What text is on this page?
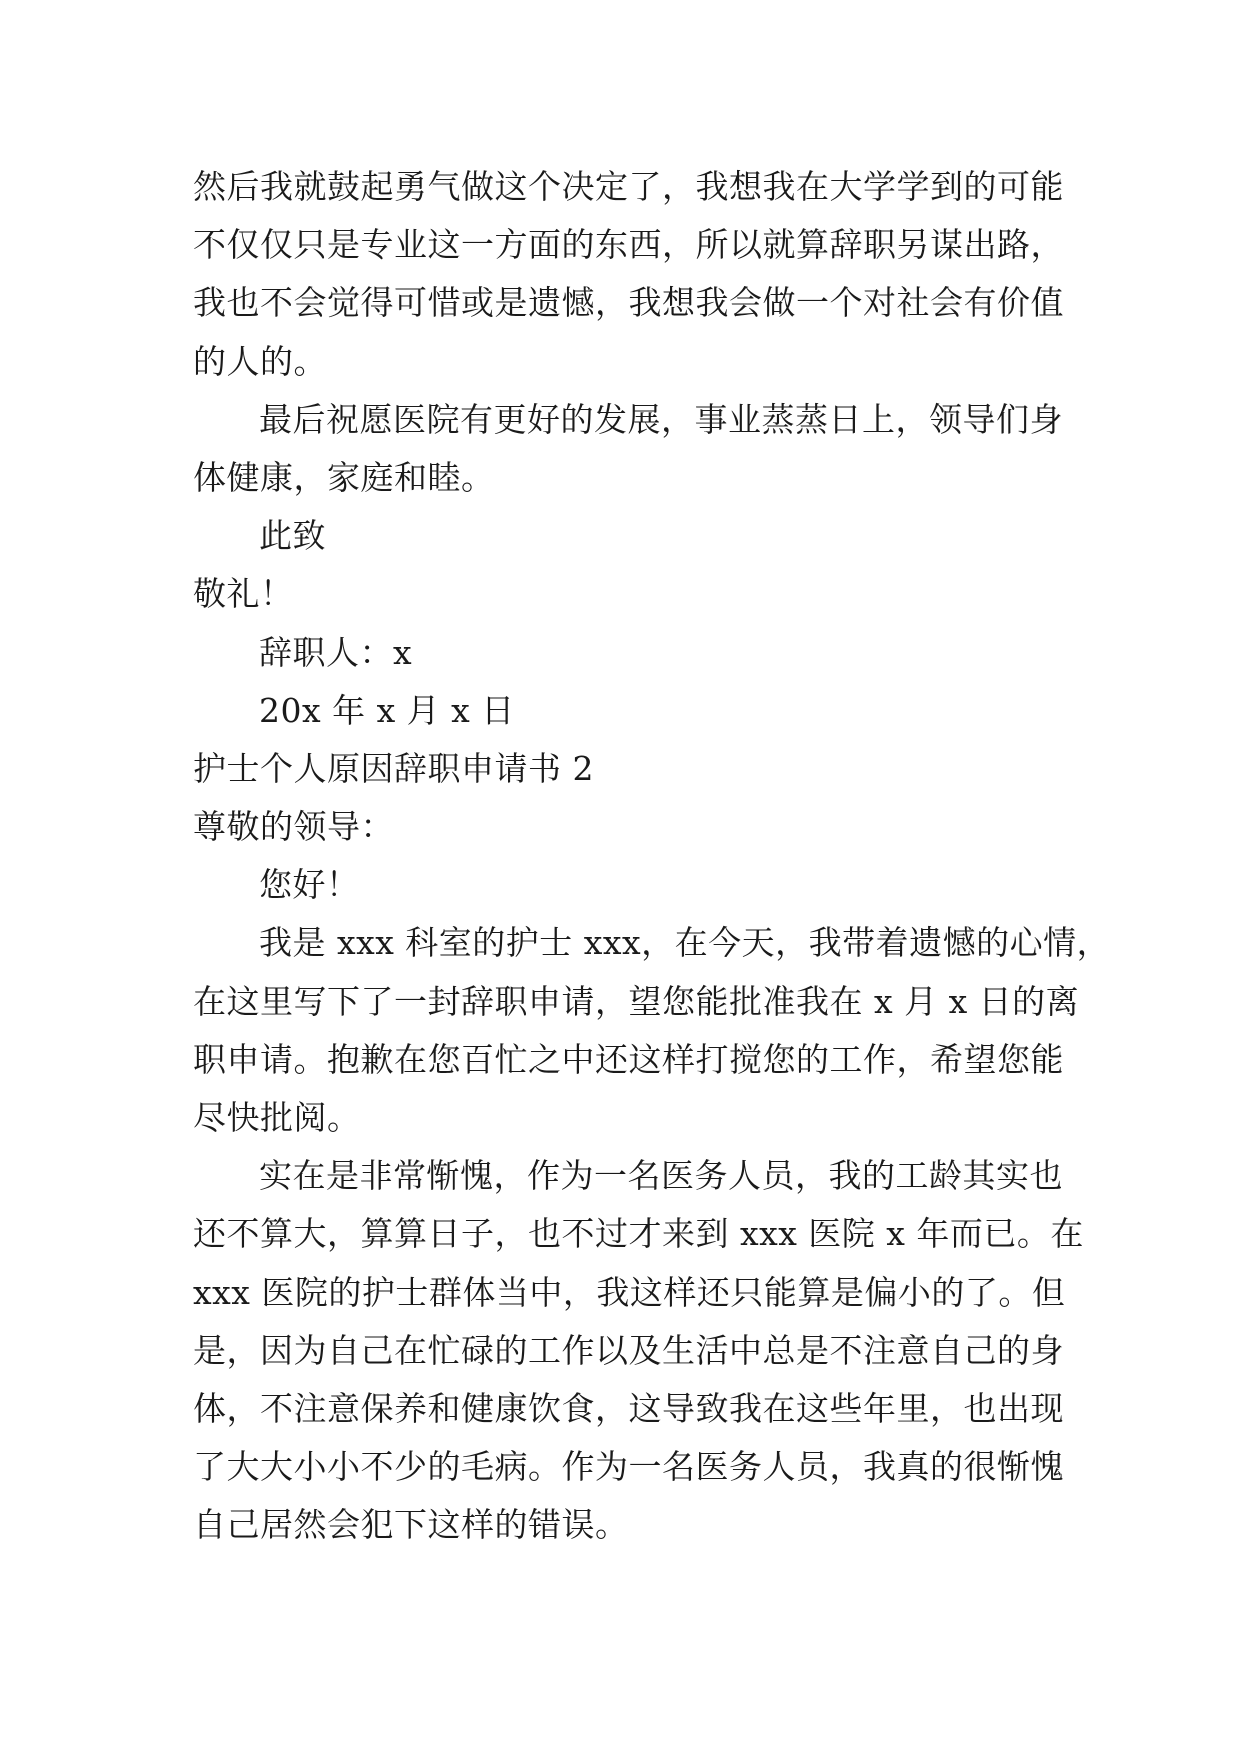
然后我就鼓起勇气做这个决定了，我想我在大学学到的可能
不仅仅只是专业这一方面的东西，所以就算辞职另谋出路，
我也不会觉得可惜或是遗憾，我想我会做一个对社会有价值
的人的。
最后祝愿医院有更好的发展，事业蒸蒸日上，领导们身
体健康，家庭和睦。
此致
敬礼！
辞职人：x
20x 年 x 月 x 日
护士个人原因辞职申请书 2
尊敬的领导：
您好！
我是 xxx 科室的护士 xxx，在今天，我带着遗憾的心情，
在这里写下了一封辞职申请，望您能批准我在 x 月 x 日的离
职申请。抱歉在您百忙之中还这样打搅您的工作，希望您能
尽快批阅。
实在是非常惭愧，作为一名医务人员，我的工龄其实也
还不算大，算算日子，也不过才来到 xxx 医院 x 年而已。在
xxx 医院的护士群体当中，我这样还只能算是偏小的了。但
是，因为自己在忙碌的工作以及生活中总是不注意自己的身
体，不注意保养和健康饮食，这导致我在这些年里，也出现
了大大小小不少的毛病。作为一名医务人员，我真的很惭愧
自己居然会犯下这样的错误。
